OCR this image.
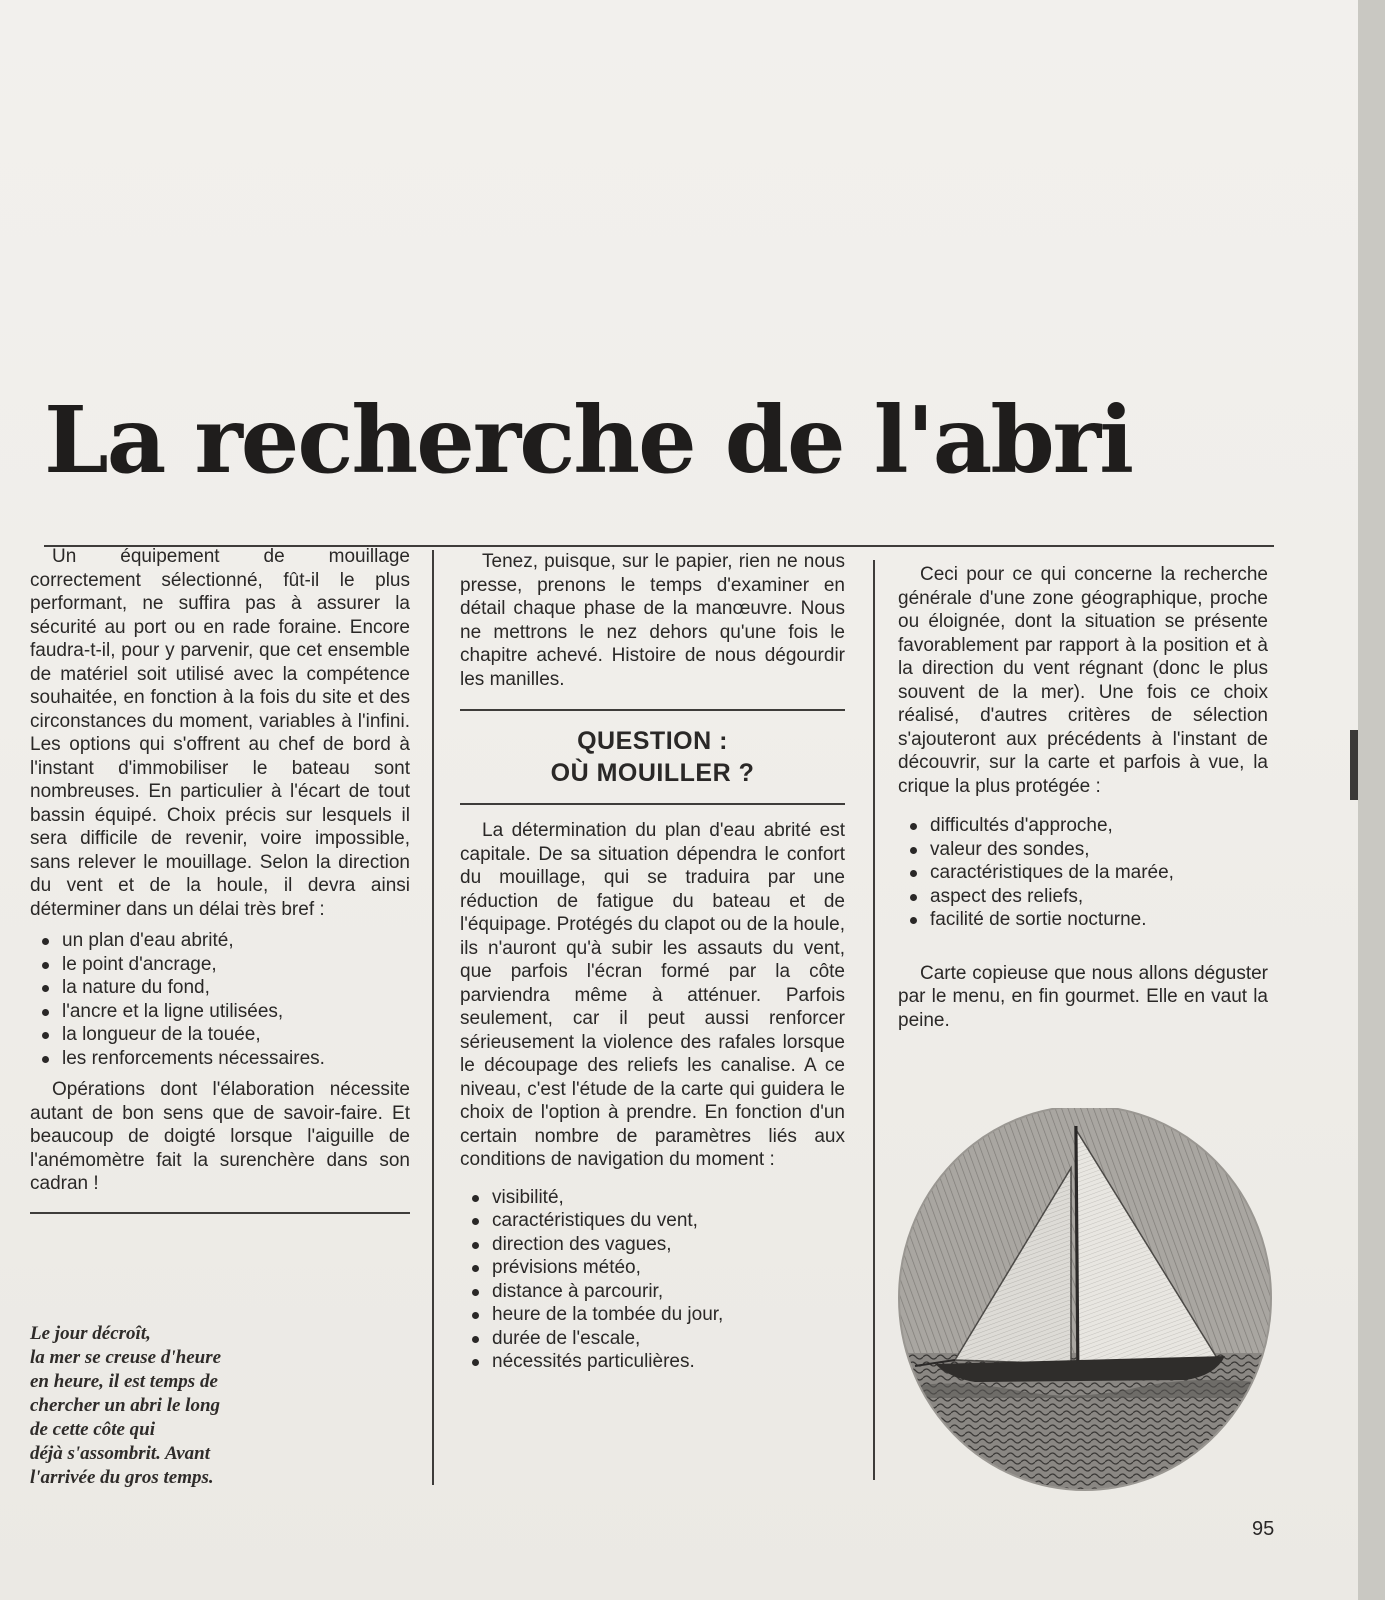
La recherche de l'abri

Un équipement de mouillage correctement sélectionné, fût-il le plus performant, ne suffira pas à assurer la sécurité au port ou en rade foraine. Encore faudra-t-il, pour y parvenir, que cet ensemble de matériel soit utilisé avec la compétence souhaitée, en fonction à la fois du site et des circonstances du moment, variables à l'infini. Les options qui s'offrent au chef de bord à l'instant d'immobiliser le bateau sont nombreuses. En particulier à l'écart de tout bassin équipé. Choix précis sur lesquels il sera difficile de revenir, voire impossible, sans relever le mouillage. Selon la direction du vent et de la houle, il devra ainsi déterminer dans un délai très bref :

un plan d'eau abrité,
le point d'ancrage,
la nature du fond,
l'ancre et la ligne utilisées,
la longueur de la touée,
les renforcements nécessaires.

Opérations dont l'élaboration nécessite autant de bon sens que de savoir-faire. Et beaucoup de doigté lorsque l'aiguille de l'anémomètre fait la surenchère dans son cadran !

Le jour décroît,
la mer se creuse d'heure
en heure, il est temps de
chercher un abri le long
de cette côte qui
déjà s'assombrit. Avant
l'arrivée du gros temps.

Tenez, puisque, sur le papier, rien ne nous presse, prenons le temps d'examiner en détail chaque phase de la manœuvre. Nous ne mettrons le nez dehors qu'une fois le chapitre achevé. Histoire de nous dégourdir les manilles.

QUESTION :
OÙ MOUILLER ?

La détermination du plan d'eau abrité est capitale. De sa situation dépendra le confort du mouillage, qui se traduira par une réduction de fatigue du bateau et de l'équipage. Protégés du clapot ou de la houle, ils n'auront qu'à subir les assauts du vent, que parfois l'écran formé par la côte parviendra même à atténuer. Parfois seulement, car il peut aussi renforcer sérieusement la violence des rafales lorsque le découpage des reliefs les canalise. A ce niveau, c'est l'étude de la carte qui guidera le choix de l'option à prendre. En fonction d'un certain nombre de paramètres liés aux conditions de navigation du moment :

visibilité,
caractéristiques du vent,
direction des vagues,
prévisions météo,
distance à parcourir,
heure de la tombée du jour,
durée de l'escale,
nécessités particulières.

Ceci pour ce qui concerne la recherche générale d'une zone géographique, proche ou éloignée, dont la situation se présente favorablement par rapport à la position et à la direction du vent régnant (donc le plus souvent de la mer). Une fois ce choix réalisé, d'autres critères de sélection s'ajouteront aux précédents à l'instant de découvrir, sur la carte et parfois à vue, la crique la plus protégée :

difficultés d'approche,
valeur des sondes,
caractéristiques de la marée,
aspect des reliefs,
facilité de sortie nocturne.

Carte copieuse que nous allons déguster par le menu, en fin gourmet. Elle en vaut la peine.

95
